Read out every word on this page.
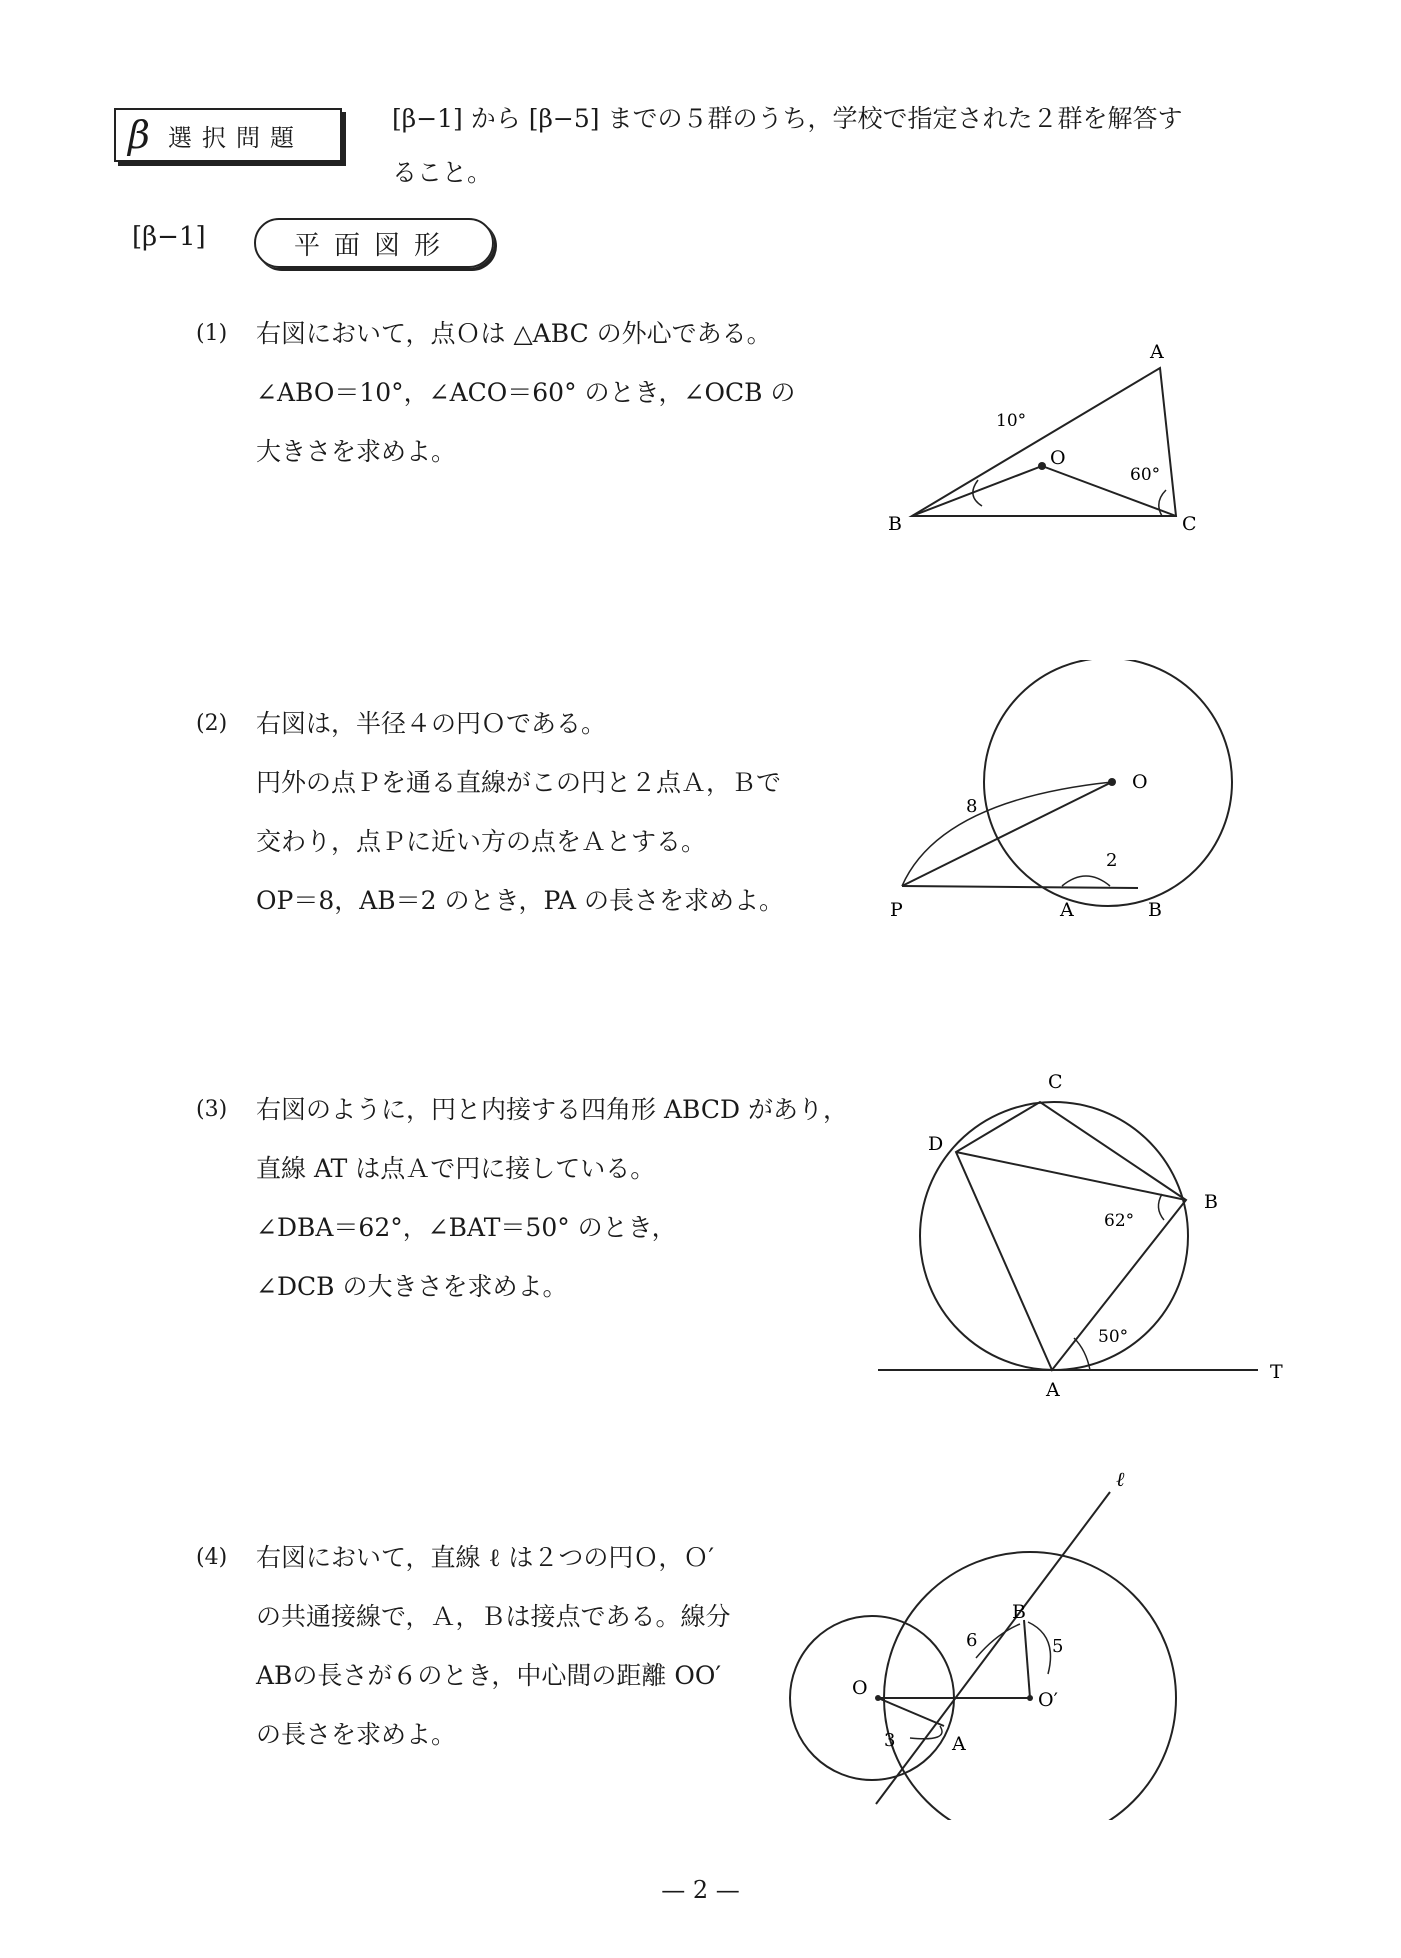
β 選択問題
[β−1] から [β−5] までの５群のうち，学校で指定された２群を解答す
ること。
[β−1]	平面図形
(1) 右図において，点Ｏは △ABC の外心である。
∠ABO＝10°，∠ACO＝60° のとき，∠OCB の
大きさを求めよ。
A
B	C
O
10°
60°
(2) 右図は，半径４の円Ｏである。
円外の点Ｐを通る直線がこの円と２点Ａ，Ｂで
交わり，点Ｐに近い方の点をＡとする。
OP＝8，AB＝2 のとき，PA の長さを求めよ。
O
P	A	B
8
2
(3) 右図のように，円と内接する四角形 ABCD があり，
直線 AT は点Ａで円に接している。
∠DBA＝62°，∠BAT＝50° のとき，
∠DCB の大きさを求めよ。
C
D
B
A
T
62°
50°
(4) 右図において，直線 ℓ は２つの円Ｏ，Ｏ′
の共通接線で，Ａ，Ｂは接点である。線分
ABの長さが６のとき，中心間の距離 OO′
の長さを求めよ。
ℓ
O
O′
A
B
6
3
5
— 2 —
